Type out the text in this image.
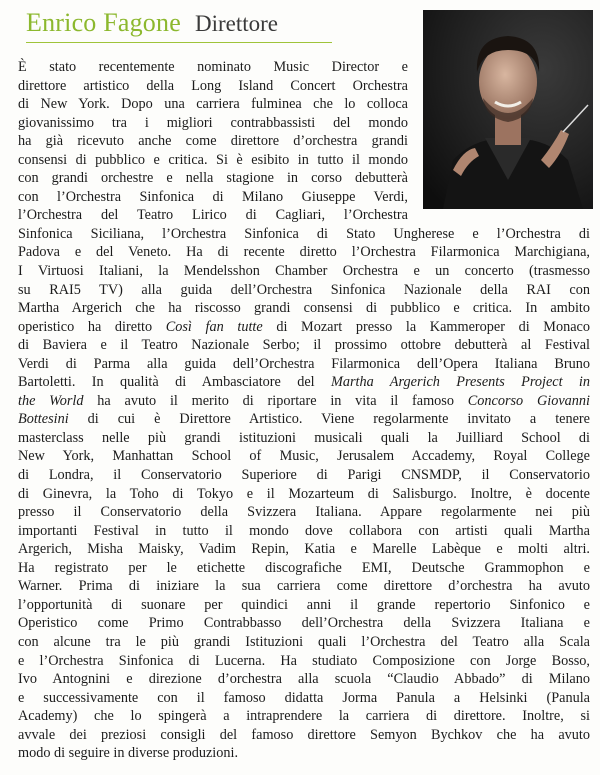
Enrico Fagone Direttore
È stato recentemente nominato Music Director e
direttore artistico della Long Island Concert Orchestra
di New York. Dopo una carriera fulminea che lo colloca
giovanissimo tra i migliori contrabbassisti del mondo
ha già ricevuto anche come direttore d’orchestra grandi
consensi di pubblico e critica. Si è esibito in tutto il mondo
con grandi orchestre e nella stagione in corso debutterà
con l’Orchestra Sinfonica di Milano Giuseppe Verdi,
l’Orchestra del Teatro Lirico di Cagliari, l’Orchestra
Sinfonica Siciliana, l’Orchestra Sinfonica di Stato Ungherese e l’Orchestra di
Padova e del Veneto. Ha di recente diretto l’Orchestra Filarmonica Marchigiana,
I Virtuosi Italiani, la Mendelsshon Chamber Orchestra e un concerto (trasmesso
su RAI5 TV) alla guida dell’Orchestra Sinfonica Nazionale della RAI con
Martha Argerich che ha riscosso grandi consensi di pubblico e critica. In ambito
operistico ha diretto Così fan tutte di Mozart presso la Kammeroper di Monaco
di Baviera e il Teatro Nazionale Serbo; il prossimo ottobre debutterà al Festival
Verdi di Parma alla guida dell’Orchestra Filarmonica dell’Opera Italiana Bruno
Bartoletti. In qualità di Ambasciatore del Martha Argerich Presents Project in
the World ha avuto il merito di riportare in vita il famoso Concorso Giovanni
Bottesini di cui è Direttore Artistico. Viene regolarmente invitato a tenere
masterclass nelle più grandi istituzioni musicali quali la Juilliard School di
New York, Manhattan School of Music, Jerusalem Accademy, Royal College
di Londra, il Conservatorio Superiore di Parigi CNSMDP, il Conservatorio
di Ginevra, la Toho di Tokyo e il Mozarteum di Salisburgo. Inoltre, è docente
presso il Conservatorio della Svizzera Italiana. Appare regolarmente nei più
importanti Festival in tutto il mondo dove collabora con artisti quali Martha
Argerich, Misha Maisky, Vadim Repin, Katia e Marelle Labèque e molti altri.
Ha registrato per le etichette discografiche EMI, Deutsche Grammophon e
Warner. Prima di iniziare la sua carriera come direttore d’orchestra ha avuto
l’opportunità di suonare per quindici anni il grande repertorio Sinfonico e
Operistico come Primo Contrabbasso dell’Orchestra della Svizzera Italiana e
con alcune tra le più grandi Istituzioni quali l’Orchestra del Teatro alla Scala
e l’Orchestra Sinfonica di Lucerna. Ha studiato Composizione con Jorge Bosso,
Ivo Antognini e direzione d’orchestra alla scuola “Claudio Abbado” di Milano
e successivamente con il famoso didatta Jorma Panula a Helsinki (Panula
Academy) che lo spingerà a intraprendere la carriera di direttore. Inoltre, si
avvale dei preziosi consigli del famoso direttore Semyon Bychkov che ha avuto
modo di seguire in diverse produzioni.
